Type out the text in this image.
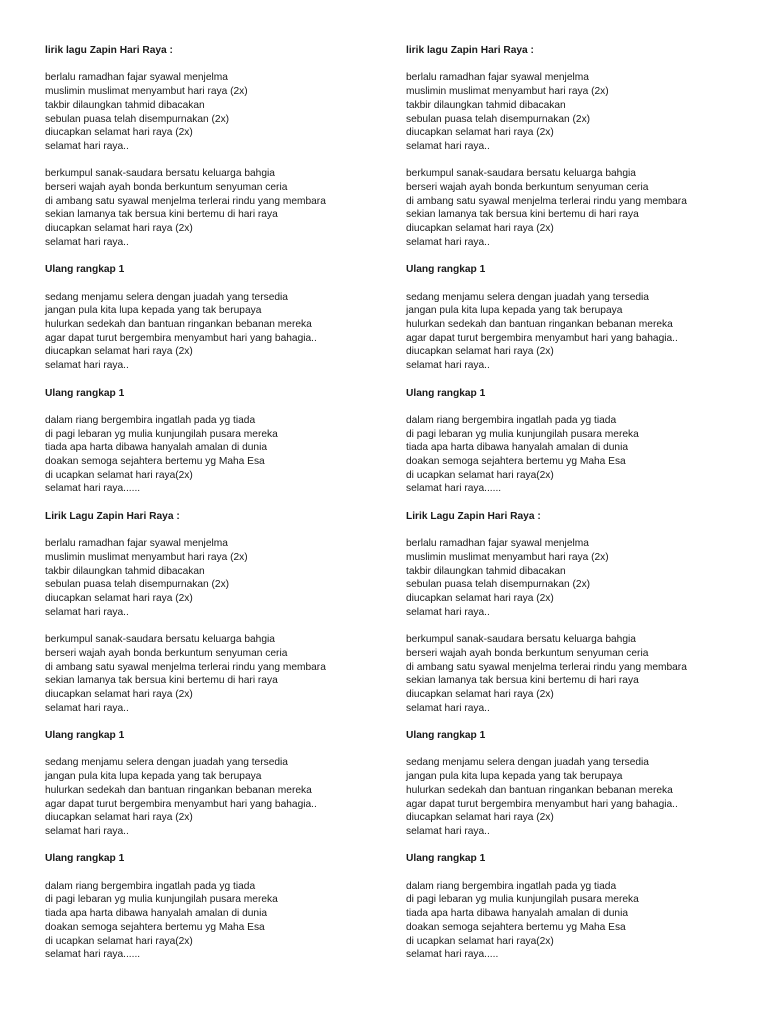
lirik lagu Zapin Hari Raya :
berlalu ramadhan fajar syawal menjelma
muslimin muslimat menyambut hari raya (2x)
takbir dilaungkan tahmid dibacakan
sebulan puasa telah disempurnakan (2x)
diucapkan selamat hari raya (2x)
selamat hari raya..
berkumpul sanak-saudara bersatu keluarga bahgia
berseri wajah ayah bonda berkuntum senyuman ceria
di ambang satu syawal menjelma terlerai rindu yang membara
sekian lamanya tak bersua kini bertemu di hari raya
diucapkan selamat hari raya (2x)
selamat hari raya..
Ulang rangkap 1
sedang menjamu selera dengan juadah yang tersedia
jangan pula kita lupa kepada yang tak berupaya
hulurkan sedekah dan bantuan ringankan bebanan mereka
agar dapat turut bergembira menyambut hari yang bahagia..
diucapkan selamat hari raya (2x)
selamat hari raya..
Ulang rangkap 1
dalam riang bergembira ingatlah pada yg tiada
di pagi lebaran yg mulia kunjungilah pusara mereka
tiada apa harta dibawa hanyalah amalan di dunia
doakan semoga sejahtera bertemu yg Maha Esa
di ucapkan selamat hari raya(2x)
selamat hari raya......
Lirik Lagu Zapin Hari Raya :
berlalu ramadhan fajar syawal menjelma
muslimin muslimat menyambut hari raya (2x)
takbir dilaungkan tahmid dibacakan
sebulan puasa telah disempurnakan (2x)
diucapkan selamat hari raya (2x)
selamat hari raya..
berkumpul sanak-saudara bersatu keluarga bahgia
berseri wajah ayah bonda berkuntum senyuman ceria
di ambang satu syawal menjelma terlerai rindu yang membara
sekian lamanya tak bersua kini bertemu di hari raya
diucapkan selamat hari raya (2x)
selamat hari raya..
Ulang rangkap 1
sedang menjamu selera dengan juadah yang tersedia
jangan pula kita lupa kepada yang tak berupaya
hulurkan sedekah dan bantuan ringankan bebanan mereka
agar dapat turut bergembira menyambut hari yang bahagia..
diucapkan selamat hari raya (2x)
selamat hari raya..
Ulang rangkap 1
dalam riang bergembira ingatlah pada yg tiada
di pagi lebaran yg mulia kunjungilah pusara mereka
tiada apa harta dibawa hanyalah amalan di dunia
doakan semoga sejahtera bertemu yg Maha Esa
di ucapkan selamat hari raya(2x)
selamat hari raya......
lirik lagu Zapin Hari Raya :
berlalu ramadhan fajar syawal menjelma
muslimin muslimat menyambut hari raya (2x)
takbir dilaungkan tahmid dibacakan
sebulan puasa telah disempurnakan (2x)
diucapkan selamat hari raya (2x)
selamat hari raya..
berkumpul sanak-saudara bersatu keluarga bahgia
berseri wajah ayah bonda berkuntum senyuman ceria
di ambang satu syawal menjelma terlerai rindu yang membara
sekian lamanya tak bersua kini bertemu di hari raya
diucapkan selamat hari raya (2x)
selamat hari raya..
Ulang rangkap 1
sedang menjamu selera dengan juadah yang tersedia
jangan pula kita lupa kepada yang tak berupaya
hulurkan sedekah dan bantuan ringankan bebanan mereka
agar dapat turut bergembira menyambut hari yang bahagia..
diucapkan selamat hari raya (2x)
selamat hari raya..
Ulang rangkap 1
dalam riang bergembira ingatlah pada yg tiada
di pagi lebaran yg mulia kunjungilah pusara mereka
tiada apa harta dibawa hanyalah amalan di dunia
doakan semoga sejahtera bertemu yg Maha Esa
di ucapkan selamat hari raya(2x)
selamat hari raya......
Lirik Lagu Zapin Hari Raya :
berlalu ramadhan fajar syawal menjelma
muslimin muslimat menyambut hari raya (2x)
takbir dilaungkan tahmid dibacakan
sebulan puasa telah disempurnakan (2x)
diucapkan selamat hari raya (2x)
selamat hari raya..
berkumpul sanak-saudara bersatu keluarga bahgia
berseri wajah ayah bonda berkuntum senyuman ceria
di ambang satu syawal menjelma terlerai rindu yang membara
sekian lamanya tak bersua kini bertemu di hari raya
diucapkan selamat hari raya (2x)
selamat hari raya..
Ulang rangkap 1
sedang menjamu selera dengan juadah yang tersedia
jangan pula kita lupa kepada yang tak berupaya
hulurkan sedekah dan bantuan ringankan bebanan mereka
agar dapat turut bergembira menyambut hari yang bahagia..
diucapkan selamat hari raya (2x)
selamat hari raya..
Ulang rangkap 1
dalam riang bergembira ingatlah pada yg tiada
di pagi lebaran yg mulia kunjungilah pusara mereka
tiada apa harta dibawa hanyalah amalan di dunia
doakan semoga sejahtera bertemu yg Maha Esa
di ucapkan selamat hari raya(2x)
selamat hari raya.....
